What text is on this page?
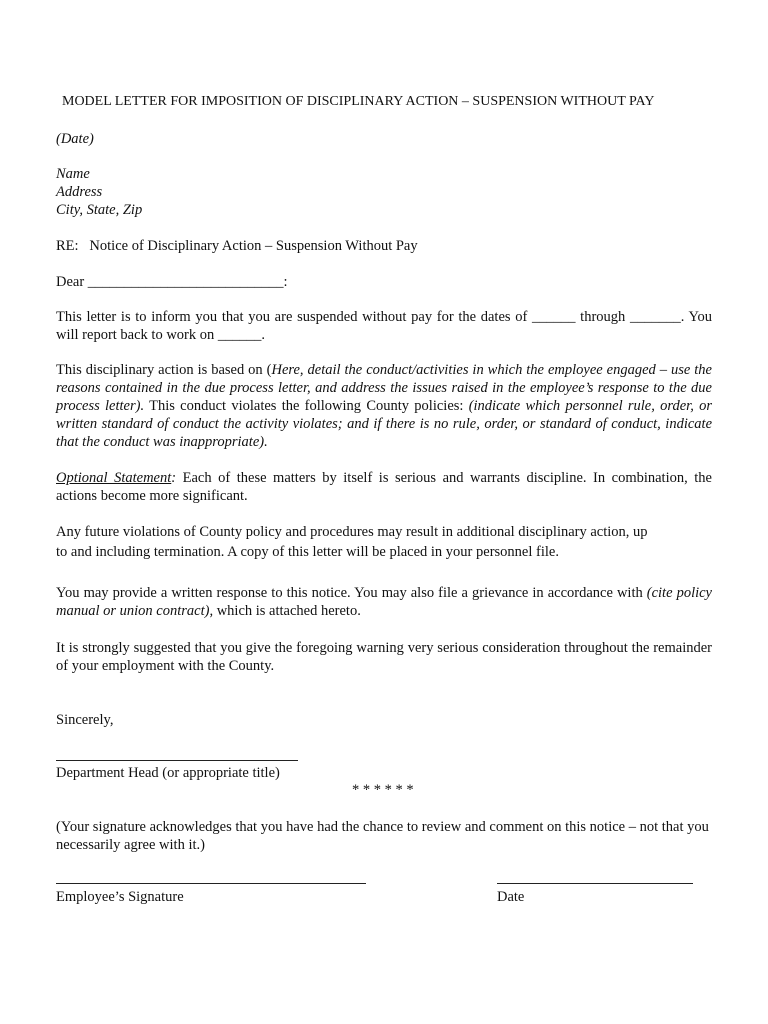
MODEL LETTER FOR IMPOSITION OF DISCIPLINARY ACTION – SUSPENSION WITHOUT PAY

(Date)

Name
Address
City, State, Zip

RE:   Notice of Disciplinary Action – Suspension Without Pay

Dear ___________________________:

This letter is to inform you that you are suspended without pay for the dates of ______ through _______. You will report back to work on ______.

This disciplinary action is based on (Here, detail the conduct/activities in which the employee engaged – use the reasons contained in the due process letter, and address the issues raised in the employee’s response to the due process letter). This conduct violates the following County policies: (indicate which personnel rule, order, or written standard of conduct the activity violates; and if there is no rule, order, or standard of conduct, indicate that the conduct was inappropriate).

Optional Statement: Each of these matters by itself is serious and warrants discipline. In combination, the actions become more significant.

Any future violations of County policy and procedures may result in additional disciplinary action, up

to and including termination. A copy of this letter will be placed in your personnel file.

You may provide a written response to this notice. You may also file a grievance in accordance with (cite policy manual or union contract), which is attached hereto.

It is strongly suggested that you give the foregoing warning very serious consideration throughout the remainder of your employment with the County.

Sincerely,

Department Head (or appropriate title)

* * * * * *

(Your signature acknowledges that you have had the chance to review and comment on this notice – not that you necessarily agree with it.)

Employee’s Signature	Date
